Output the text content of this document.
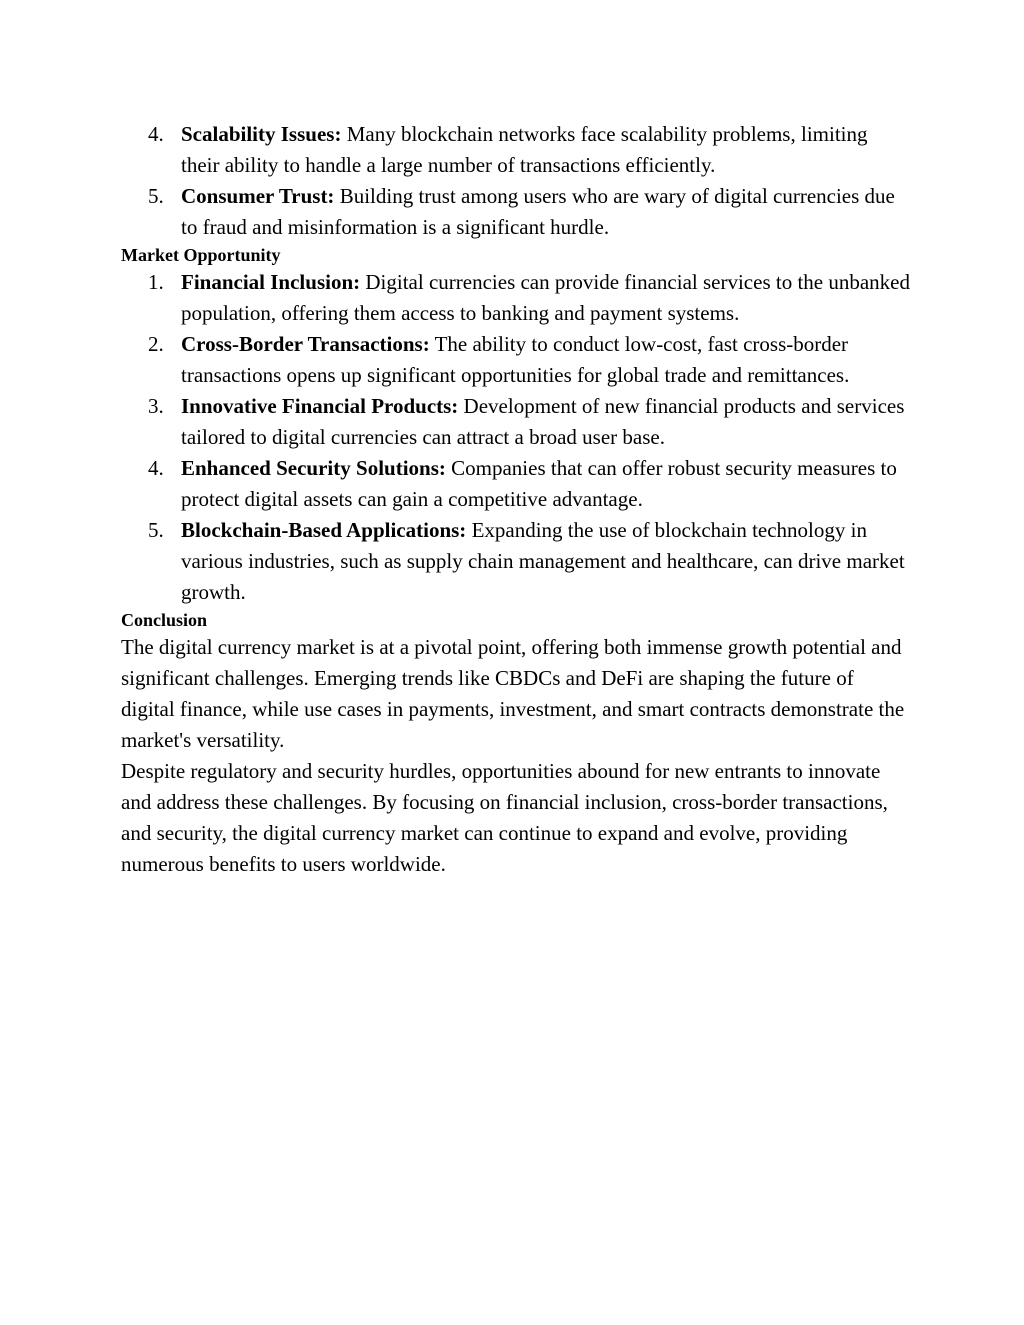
4. Scalability Issues: Many blockchain networks face scalability problems, limiting their ability to handle a large number of transactions efficiently.
5. Consumer Trust: Building trust among users who are wary of digital currencies due to fraud and misinformation is a significant hurdle.
Market Opportunity
1. Financial Inclusion: Digital currencies can provide financial services to the unbanked population, offering them access to banking and payment systems.
2. Cross-Border Transactions: The ability to conduct low-cost, fast cross-border transactions opens up significant opportunities for global trade and remittances.
3. Innovative Financial Products: Development of new financial products and services tailored to digital currencies can attract a broad user base.
4. Enhanced Security Solutions: Companies that can offer robust security measures to protect digital assets can gain a competitive advantage.
5. Blockchain-Based Applications: Expanding the use of blockchain technology in various industries, such as supply chain management and healthcare, can drive market growth.
Conclusion

The digital currency market is at a pivotal point, offering both immense growth potential and significant challenges. Emerging trends like CBDCs and DeFi are shaping the future of digital finance, while use cases in payments, investment, and smart contracts demonstrate the market's versatility.

Despite regulatory and security hurdles, opportunities abound for new entrants to innovate and address these challenges. By focusing on financial inclusion, cross-border transactions, and security, the digital currency market can continue to expand and evolve, providing numerous benefits to users worldwide.
